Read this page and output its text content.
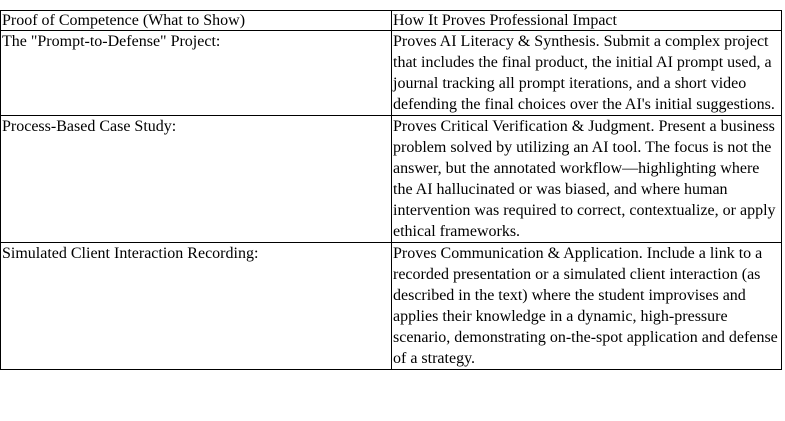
Proof of Competence (What to Show)	How It Proves Professional Impact
The "Prompt-to-Defense" Project:	Proves AI Literacy & Synthesis. Submit a complex project that includes the final product, the initial AI prompt used, a journal tracking all prompt iterations, and a short video defending the final choices over the AI's initial suggestions.
Process-Based Case Study:	Proves Critical Verification & Judgment. Present a business problem solved by utilizing an AI tool. The focus is not the answer, but the annotated workflow—highlighting where the AI hallucinated or was biased, and where human intervention was required to correct, contextualize, or apply ethical frameworks.
Simulated Client Interaction Recording:	Proves Communication & Application. Include a link to a recorded presentation or a simulated client interaction (as described in the text) where the student improvises and applies their knowledge in a dynamic, high-pressure scenario, demonstrating on-the-spot application and defense of a strategy.
